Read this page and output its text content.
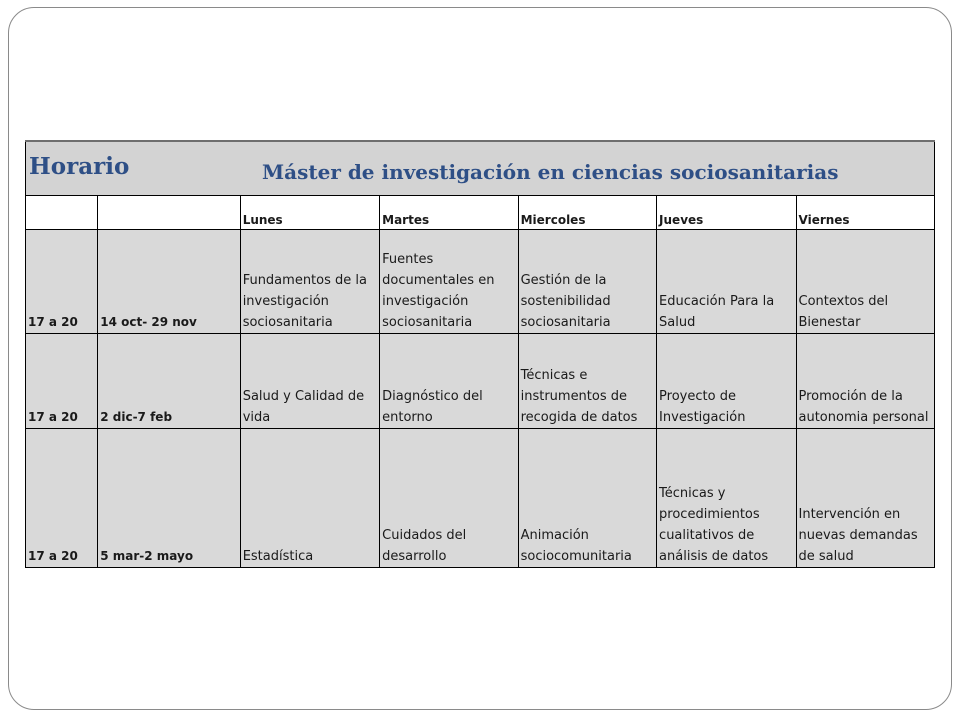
Horario Máster de investigación en ciencias sociosanitarias						

		Lunes	Martes	Miercoles	Jueves	Viernes
17 a 20	14 oct- 29 nov	Fundamentos de la investigación sociosanitaria	Fuentes documentales en investigación sociosanitaria	Gestión de la sostenibilidad sociosanitaria	Educación Para la Salud	Contextos del Bienestar
17 a 20	2 dic-7 feb	Salud y Calidad de vida	Diagnóstico del entorno	Técnicas e instrumentos de recogida de datos	Proyecto de Investigación	Promoción de la autonomia personal
17 a 20	5 mar-2 mayo	Estadística	Cuidados del desarrollo	Animación sociocomunitaria	Técnicas y procedimientos cualitativos de análisis de datos	Intervención en nuevas demandas de salud
